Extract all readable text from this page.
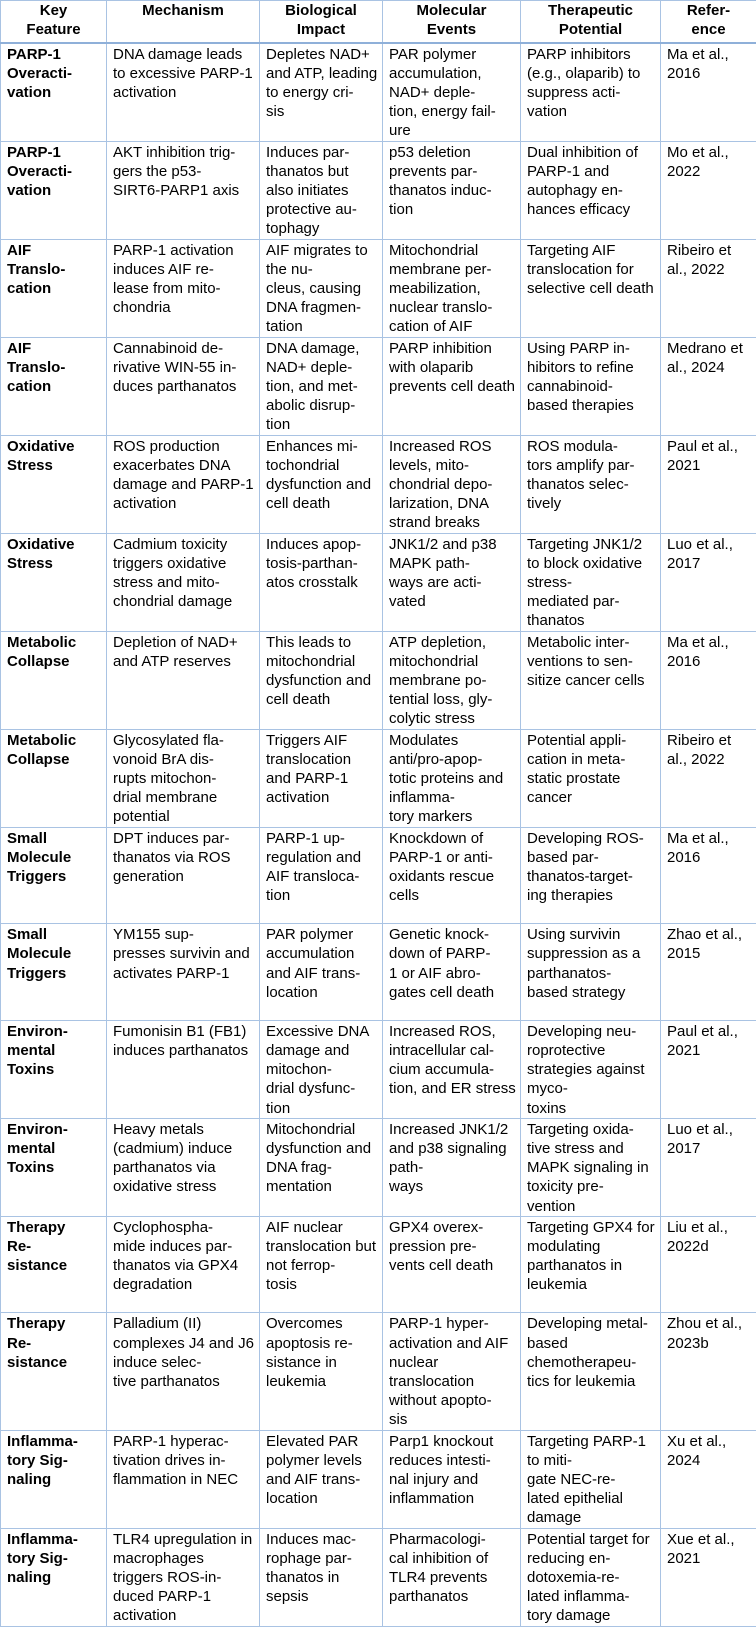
Key
Feature	Mechanism	Biological
Impact	Molecular
Events	Therapeutic
Potential	Refer-
ence
PARP-1
Overacti-
vation	DNA damage leads to excessive PARP-1 activation	Depletes NAD+ and ATP, leading to energy cri-
sis	PAR polymer accumulation, NAD+ deple-
tion, energy fail-
ure	PARP inhibitors (e.g., olaparib) to suppress acti-
vation	Ma et al., 2016
PARP-1
Overacti-
vation	AKT inhibition trig-
gers the p53-
SIRT6-PARP1 axis	Induces par-
thanatos but also initiates protective au-
tophagy	p53 deletion prevents par-
thanatos induc-
tion	Dual inhibition of PARP-1 and autophagy en-
hances efficacy	Mo et al., 2022
AIF
Translo-
cation	PARP-1 activation induces AIF re-
lease from mito-
chondria	AIF migrates to the nu-
cleus, causing DNA fragmen-
tation	Mitochondrial membrane per-
meabilization, nuclear translo-
cation of AIF	Targeting AIF translocation for selective cell death	Ribeiro et al., 2022
AIF
Translo-
cation	Cannabinoid de-
rivative WIN-55 in-
duces parthanatos	DNA damage, NAD+ deple-
tion, and met-
abolic disrup-
tion	PARP inhibition with olaparib prevents cell death	Using PARP in-
hibitors to refine cannabinoid-
based therapies	Medrano et al., 2024
Oxidative
Stress	ROS production exacerbates DNA damage and PARP-1 activation	Enhances mi-
tochondrial dysfunction and cell death	Increased ROS levels, mito-
chondrial depo-
larization, DNA strand breaks	ROS modula-
tors amplify par-
thanatos selec-
tively	Paul et al., 2021
Oxidative
Stress	Cadmium toxicity triggers oxidative stress and mito-
chondrial damage	Induces apop-
tosis-parthan-
atos crosstalk	JNK1/2 and p38 MAPK path-
ways are acti-
vated	Targeting JNK1/2 to block oxidative stress-
mediated par-
thanatos	Luo et al., 2017
Metabolic
Collapse	Depletion of NAD+ and ATP reserves	This leads to mitochondrial dysfunction and cell death	ATP depletion, mitochondrial membrane po-
tential loss, gly-
colytic stress	Metabolic inter-
ventions to sen-
sitize cancer cells	Ma et al., 2016
Metabolic
Collapse	Glycosylated fla-
vonoid BrA dis-
rupts mitochon-
drial membrane potential	Triggers AIF translocation and PARP-1 activation	Modulates anti/pro-apop-
totic proteins and inflamma-
tory markers	Potential appli-
cation in meta-
static prostate cancer	Ribeiro et al., 2022
Small
Molecule
Triggers	DPT induces par-
thanatos via ROS generation	PARP-1 up-
regulation and AIF transloca-
tion	Knockdown of PARP-1 or anti-
oxidants rescue cells	Developing ROS-based par-
thanatos-target-
ing therapies	Ma et al., 2016
Small
Molecule
Triggers	YM155 sup-
presses survivin and activates PARP-1	PAR polymer accumulation and AIF trans-
location	Genetic knock-
down of PARP-
1 or AIF abro-
gates cell death	Using survivin suppression as a parthanatos-
based strategy	Zhao et al., 2015
Environ-
mental
Toxins	Fumonisin B1 (FB1) induces parthanatos	Excessive DNA damage and mitochon-
drial dysfunc-
tion	Increased ROS, intracellular cal-
cium accumula-
tion, and ER stress	Developing neu-
roprotective strategies against myco-
toxins	Paul et al., 2021
Environ-
mental
Toxins	Heavy metals (cadmium) induce parthanatos via oxidative stress	Mitochondrial dysfunction and DNA frag-
mentation	Increased JNK1/2 and p38 signaling path-
ways	Targeting oxida-
tive stress and MAPK signaling in toxicity pre-
vention	Luo et al., 2017
Therapy
Re-
sistance	Cyclophospha-
mide induces par-
thanatos via GPX4 degradation	AIF nuclear translocation but not ferrop-
tosis	GPX4 overex-
pression pre-
vents cell death	Targeting GPX4 for modulating parthanatos in leukemia	Liu et al., 2022d
Therapy
Re-
sistance	Palladium (II) complexes J4 and J6 induce selec-
tive parthanatos	Overcomes apoptosis re-
sistance in leukemia	PARP-1 hyper-
activation and AIF nuclear translocation without apopto-
sis	Developing metal-based chemotherapeu-
tics for leukemia	Zhou et al., 2023b
Inflamma-
tory Sig-
naling	PARP-1 hyperac-
tivation drives in-
flammation in NEC	Elevated PAR polymer levels and AIF trans-
location	Parp1 knockout reduces intesti-
nal injury and inflammation	Targeting PARP-1 to miti-
gate NEC-re-
lated epithelial damage	Xu et al., 2024
Inflamma-
tory Sig-
naling	TLR4 upregulation in macrophages triggers ROS-in-
duced PARP-1 activation	Induces mac-
rophage par-
thanatos in sepsis	Pharmacologi-
cal inhibition of TLR4 prevents parthanatos	Potential target for reducing en-
dotoxemia-re-
lated inflamma-
tory damage	Xue et al., 2021
